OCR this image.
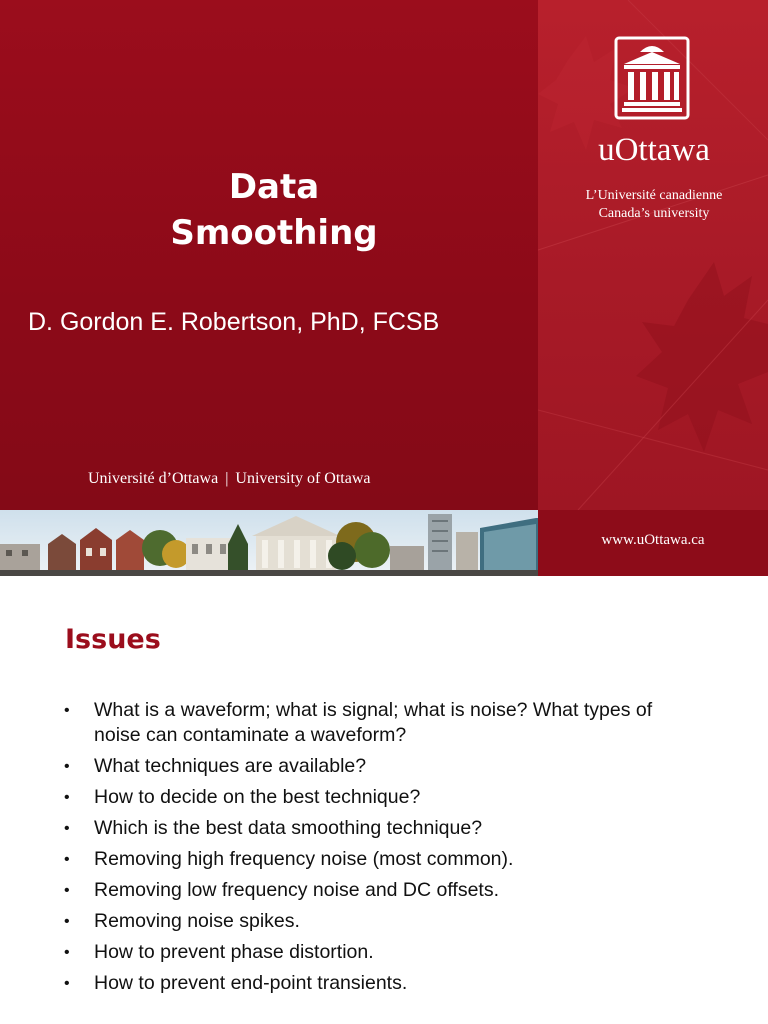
Data
Smoothing
D. Gordon E. Robertson, PhD, FCSB
Université d’Ottawa | University of Ottawa
uOttawa
L’Université canadienne
Canada’s university
www.uOttawa.ca
Issues
• What is a waveform; what is signal; what is noise? What types of noise can contaminate a waveform?
• What techniques are available?
• How to decide on the best technique?
• Which is the best data smoothing technique?
• Removing high frequency noise (most common).
• Removing low frequency noise and DC offsets.
• Removing noise spikes.
• How to prevent phase distortion.
• How to prevent end-point transients.
